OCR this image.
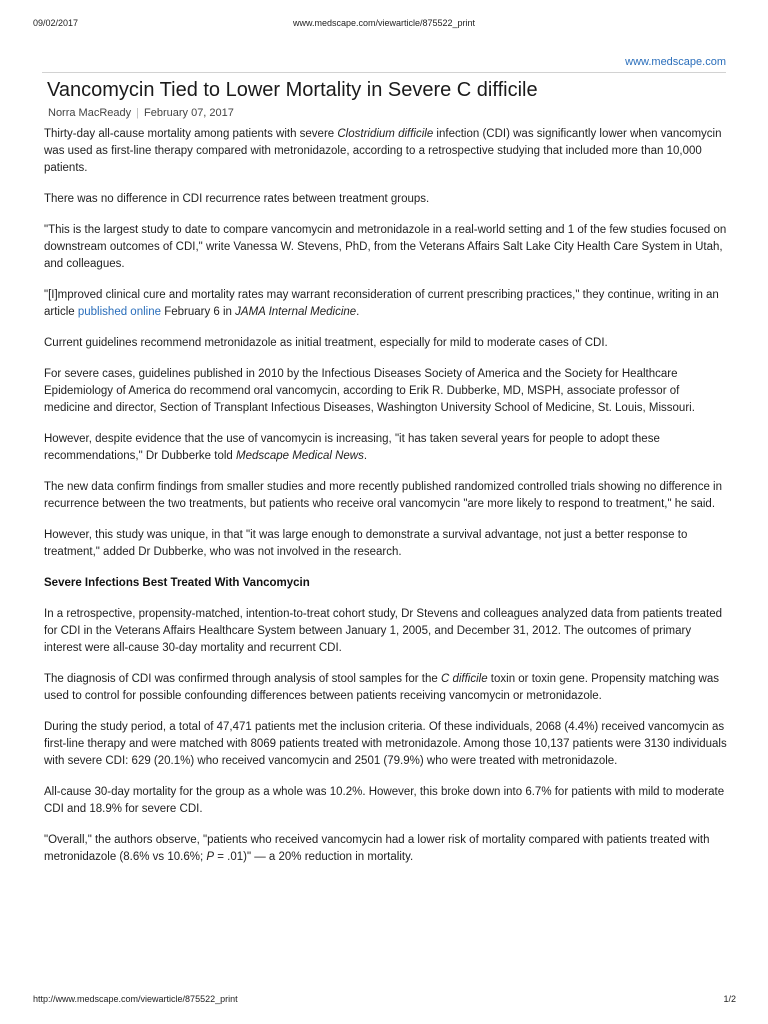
09/02/2017	www.medscape.com/viewarticle/875522_print
www.medscape.com
Vancomycin Tied to Lower Mortality in Severe C difficile
Norra MacReady | February 07, 2017

Thirty-day all-cause mortality among patients with severe Clostridium difficile infection (CDI) was significantly lower when vancomycin was used as first-line therapy compared with metronidazole, according to a retrospective studying that included more than 10,000 patients.

There was no difference in CDI recurrence rates between treatment groups.

"This is the largest study to date to compare vancomycin and metronidazole in a real-world setting and 1 of the few studies focused on downstream outcomes of CDI," write Vanessa W. Stevens, PhD, from the Veterans Affairs Salt Lake City Health Care System in Utah, and colleagues.

"[I]mproved clinical cure and mortality rates may warrant reconsideration of current prescribing practices," they continue, writing in an article published online February 6 in JAMA Internal Medicine.

Current guidelines recommend metronidazole as initial treatment, especially for mild to moderate cases of CDI.

For severe cases, guidelines published in 2010 by the Infectious Diseases Society of America and the Society for Healthcare Epidemiology of America do recommend oral vancomycin, according to Erik R. Dubberke, MD, MSPH, associate professor of medicine and director, Section of Transplant Infectious Diseases, Washington University School of Medicine, St. Louis, Missouri.

However, despite evidence that the use of vancomycin is increasing, "it has taken several years for people to adopt these recommendations," Dr Dubberke told Medscape Medical News.

The new data confirm findings from smaller studies and more recently published randomized controlled trials showing no difference in recurrence between the two treatments, but patients who receive oral vancomycin "are more likely to respond to treatment," he said.

However, this study was unique, in that "it was large enough to demonstrate a survival advantage, not just a better response to treatment," added Dr Dubberke, who was not involved in the research.

Severe Infections Best Treated With Vancomycin

In a retrospective, propensity-matched, intention-to-treat cohort study, Dr Stevens and colleagues analyzed data from patients treated for CDI in the Veterans Affairs Healthcare System between January 1, 2005, and December 31, 2012. The outcomes of primary interest were all-cause 30-day mortality and recurrent CDI.

The diagnosis of CDI was confirmed through analysis of stool samples for the C difficile toxin or toxin gene. Propensity matching was used to control for possible confounding differences between patients receiving vancomycin or metronidazole.

During the study period, a total of 47,471 patients met the inclusion criteria. Of these individuals, 2068 (4.4%) received vancomycin as first-line therapy and were matched with 8069 patients treated with metronidazole. Among those 10,137 patients were 3130 individuals with severe CDI: 629 (20.1%) who received vancomycin and 2501 (79.9%) who were treated with metronidazole.

All-cause 30-day mortality for the group as a whole was 10.2%. However, this broke down into 6.7% for patients with mild to moderate CDI and 18.9% for severe CDI.

"Overall," the authors observe, "patients who received vancomycin had a lower risk of mortality compared with patients treated with metronidazole (8.6% vs 10.6%; P = .01)" — a 20% reduction in mortality.

http://www.medscape.com/viewarticle/875522_print	1/2
